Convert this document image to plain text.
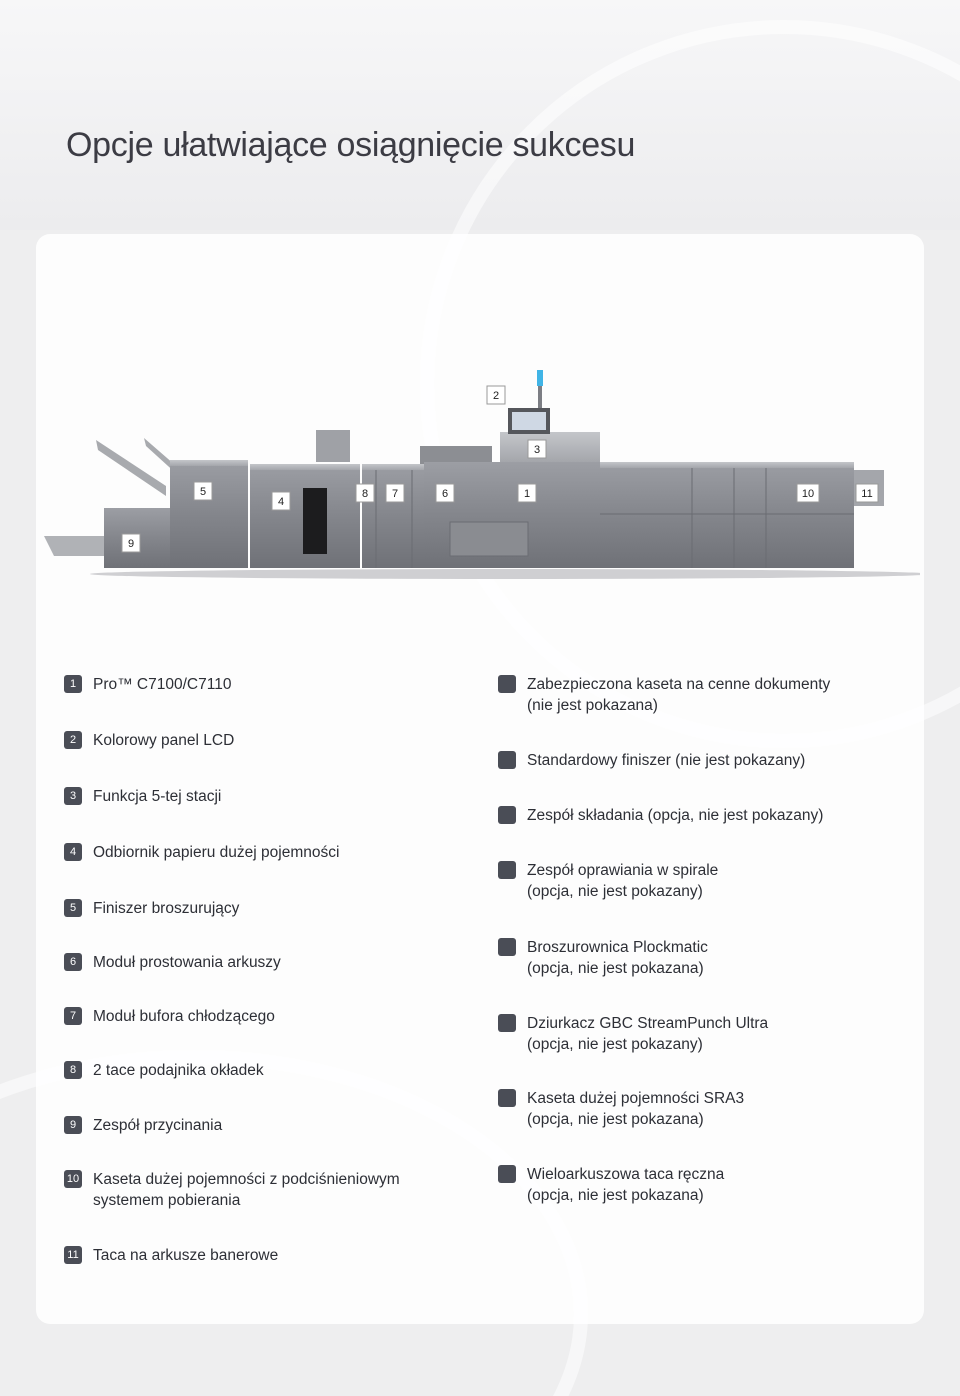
Opcje ułatwiające osiągnięcie sukcesu
2
3
5
4
8 7	6	1	10	11
9
1	Pro™ C7100/C7110
2	Kolorowy panel LCD
3	Funkcja 5-tej stacji
4	Odbiornik papieru dużej pojemności
5	Finiszer broszurujący
6	Moduł prostowania arkuszy
7	Moduł bufora chłodzącego
8	2 tace podajnika okładek
9	Zespół przycinania
10 Kaseta dużej pojemności z podciśnieniowym
systemem pobierania
11 Taca na arkusze banerowe
Zabezpieczona kaseta na cenne dokumenty
(nie jest pokazana)
Standardowy finiszer (nie jest pokazany)
Zespół składania (opcja, nie jest pokazany)
Zespół oprawiania w spirale
(opcja, nie jest pokazany)
Broszurownica Plockmatic
(opcja, nie jest pokazana)
Dziurkacz GBC StreamPunch Ultra
(opcja, nie jest pokazany)
Kaseta dużej pojemności SRA3
(opcja, nie jest pokazana)
Wieloarkuszowa taca ręczna
(opcja, nie jest pokazana)
